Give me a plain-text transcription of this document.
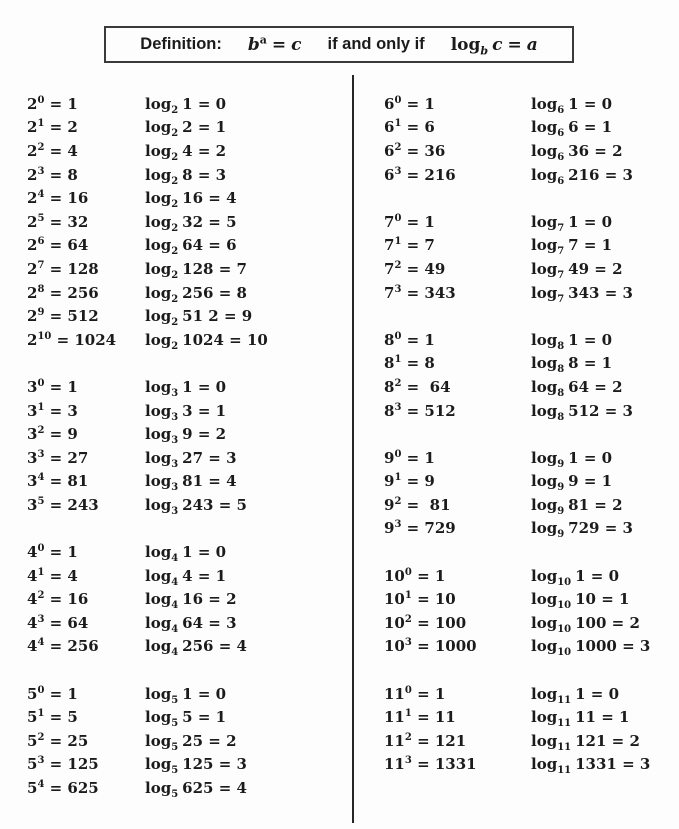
Definition: $b^a = c$ if and only if $\log_b c = a$
$2^0 = 1$	$\log_2 1 = 0$
$2^1 = 2$	$\log_2 2 = 1$
$2^2 = 4$	$\log_2 4 = 2$
$2^3 = 8$	$\log_2 8 = 3$
$2^4 = 16$	$\log_2 16 = 4$
$2^5 = 32$	$\log_2 32 = 5$
$2^6 = 64$	$\log_2 64 = 6$
$2^7 = 128$	$\log_2 128 = 7$
$2^8 = 256$	$\log_2 256 = 8$
$2^9 = 512$	$\log_2 51$ 2 = 9
$2^{10} = 1024$	$\log_2 1024 = 10$
$3^0 = 1$	$\log_3 1 = 0$
$3^1 = 3$	$\log_3 3 = 1$
$3^2 = 9$	$\log_3 9 = 2$
$3^3 = 27$	$\log_3 27 = 3$
$3^4 = 81$	$\log_3 81 = 4$
$3^5 = 243$	$\log_3 243 = 5$
$4^0 = 1$	$\log_4 1 = 0$
$4^1 = 4$	$\log_4 4 = 1$
$4^2 = 16$	$\log_4 16 = 2$
$4^3 = 64$	$\log_4 64 = 3$
$4^4 = 256$	$\log_4 256 = 4$
$5^0 = 1$	$\log_5 1 = 0$
$5^1 = 5$	$\log_5 5 = 1$
$5^2 = 25$	$\log_5 25 = 2$
$5^3 = 125$	$\log_5 125 = 3$
$5^4 = 625$	$\log_5 625 = 4$
$6^0 = 1$	$\log_6 1 = 0$
$6^1 = 6$	$\log_6 6 = 1$
$6^2 = 36$	$\log_6 36 = 2$
$6^3 = 216$	$\log_6 216 = 3$
$7^0 = 1$	$\log_7 1 = 0$
$7^1 = 7$	$\log_7 7 = 1$
$7^2 = 49$	$\log_7 49 = 2$
$7^3 = 343$	$\log_7 343 = 3$
$8^0 = 1$	$\log_8 1 = 0$
$8^1 = 8$	$\log_8 8 = 1$
$8^2 = 64$	$\log_8 64 = 2$
$8^3 = 512$	$\log_8 512 = 3$
$9^0 = 1$	$\log_9 1 = 0$
$9^1 = 9$	$\log_9 9 = 1$
$9^2 = 81$	$\log_9 81 = 2$
$9^3 = 729$	$\log_9 729 = 3$
$10^0 = 1$	$\log_{10} 1 = 0$
$10^1 = 10$	$\log_{10} 10 = 1$
$10^2 = 100$	$\log_{10} 100 = 2$
$10^3 = 1000$	$\log_{10} 1000 = 3$
$11^0 = 1$	$\log_{11} 1 = 0$
$11^1 = 11$	$\log_{11} 11 = 1$
$11^2 = 121$	$\log_{11} 121 = 2$
$11^3 = 1331$	$\log_{11} 1331 = 3$
